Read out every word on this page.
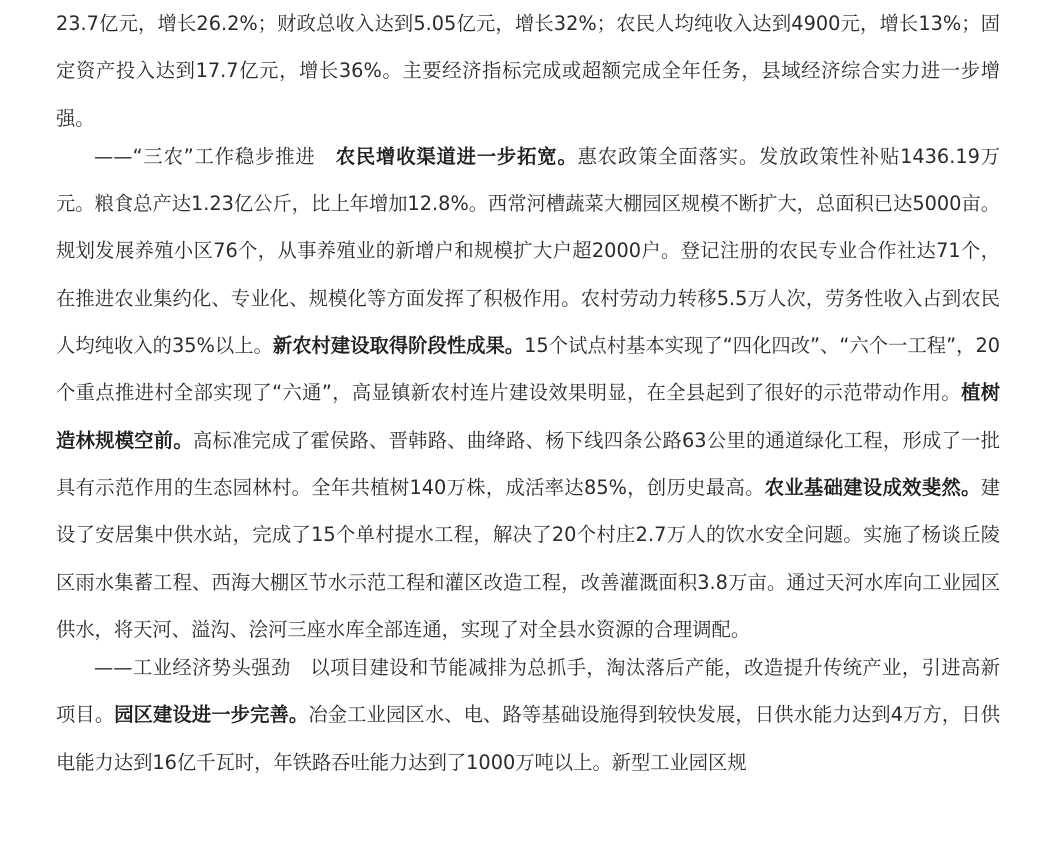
23.7亿元，增长26.2%；财政总收入达到5.05亿元，增长32%；农民人均纯收入达到4900元，增长13%；固定资产投入达到17.7亿元，增长36%。主要经济指标完成或超额完成全年任务，县域经济综合实力进一步增强。

——“三农”工作稳步推进　农民增收渠道进一步拓宽。惠农政策全面落实。发放政策性补贴1436.19万元。粮食总产达1.23亿公斤，比上年增加12.8%。西常河槽蔬菜大棚园区规模不断扩大，总面积已达5000亩。规划发展养殖小区76个，从事养殖业的新增户和规模扩大户超2000户。登记注册的农民专业合作社达71个，在推进农业集约化、专业化、规模化等方面发挥了积极作用。农村劳动力转移5.5万人次，劳务性收入占到农民人均纯收入的35%以上。新农村建设取得阶段性成果。15个试点村基本实现了“四化四改”、“六个一工程”，20个重点推进村全部实现了“六通”，高显镇新农村连片建设效果明显，在全县起到了很好的示范带动作用。植树造林规模空前。高标准完成了霍侯路、晋韩路、曲绛路、杨下线四条公路63公里的通道绿化工程，形成了一批具有示范作用的生态园林村。全年共植树140万株，成活率达85%，创历史最高。农业基础建设成效斐然。建设了安居集中供水站，完成了15个单村提水工程，解决了20个村庄2.7万人的饮水安全问题。实施了杨谈丘陵区雨水集蓄工程、西海大棚区节水示范工程和灌区改造工程，改善灌溉面积3.8万亩。通过天河水库向工业园区供水，将天河、溢沟、浍河三座水库全部连通，实现了对全县水资源的合理调配。

——工业经济势头强劲　以项目建设和节能减排为总抓手，淘汰落后产能，改造提升传统产业，引进高新项目。园区建设进一步完善。冶金工业园区水、电、路等基础设施得到较快发展，日供水能力达到4万方，日供电能力达到16亿千瓦时，年铁路吞吐能力达到了1000万吨以上。新型工业园区规
